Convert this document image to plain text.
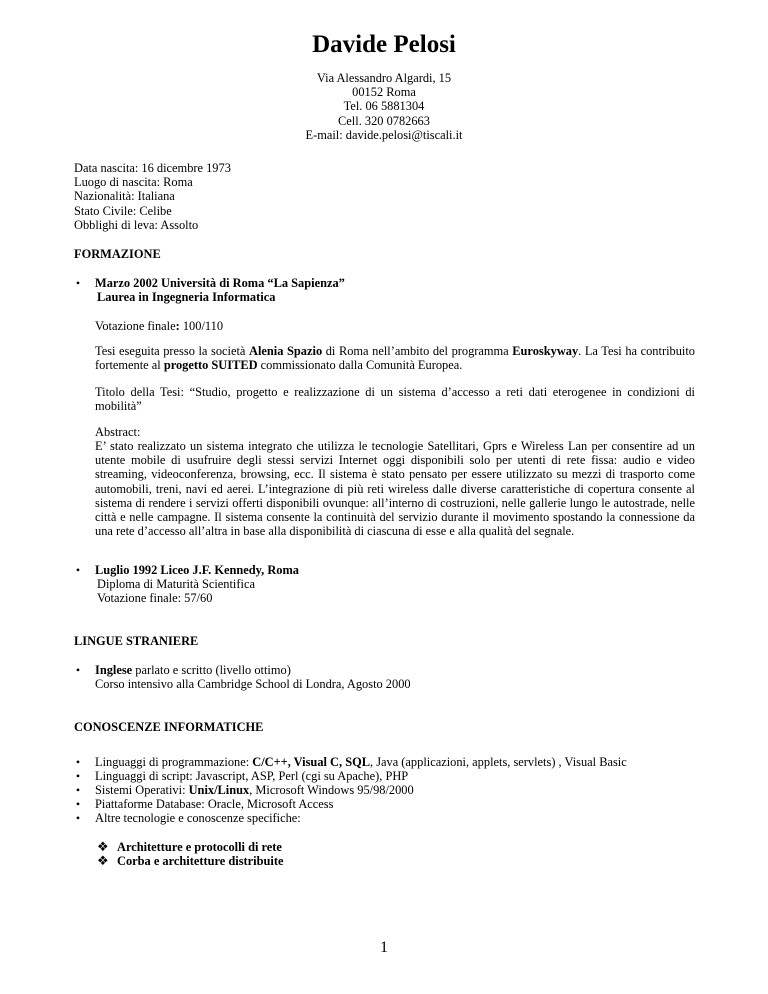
Davide Pelosi
Via Alessandro Algardi, 15
00152 Roma
Tel. 06 5881304
Cell. 320 0782663
E-mail: davide.pelosi@tiscali.it
Data nascita: 16 dicembre 1973
Luogo di nascita: Roma
Nazionalità: Italiana
Stato Civile: Celibe
Obblighi di leva: Assolto
FORMAZIONE
• Marzo 2002 Università di Roma “La Sapienza”
Laurea in Ingegneria Informatica
Votazione finale: 100/110

Tesi eseguita presso la società Alenia Spazio di Roma nell’ambito del programma Euroskyway. La Tesi ha contribuito fortemente al progetto SUITED commissionato dalla Comunità Europea.

Titolo della Tesi: “Studio, progetto e realizzazione di un sistema d’accesso a reti dati eterogenee in condizioni di mobilità”

Abstract:

E’ stato realizzato un sistema integrato che utilizza le tecnologie Satellitari, Gprs e Wireless Lan per consentire ad un utente mobile di usufruire degli stessi servizi Internet oggi disponibili solo per utenti di rete fissa: audio e video streaming, videoconferenza, browsing, ecc. Il sistema è stato pensato per essere utilizzato su mezzi di trasporto come automobili, treni, navi ed aerei. L’integrazione di più reti wireless dalle diverse caratteristiche di copertura consente al sistema di rendere i servizi offerti disponibili ovunque: all’interno di costruzioni, nelle gallerie lungo le autostrade, nelle città e nelle campagne. Il sistema consente la continuità del servizio durante il movimento spostando la connessione da una rete d’accesso all’altra in base alla disponibilità di ciascuna di esse e alla qualità del segnale.

• Luglio 1992 Liceo J.F. Kennedy, Roma
Diploma di Maturità Scientifica
Votazione finale: 57/60
LINGUE STRANIERE
• Inglese parlato e scritto (livello ottimo)
Corso intensivo alla Cambridge School di Londra, Agosto 2000
CONOSCENZE INFORMATICHE
• Linguaggi di programmazione: C/C++, Visual C, SQL, Java (applicazioni, applets, servlets) , Visual Basic
• Linguaggi di script: Javascript, ASP, Perl (cgi su Apache), PHP
• Sistemi Operativi: Unix/Linux, Microsoft Windows 95/98/2000
• Piattaforme Database: Oracle, Microsoft Access
• Altre tecnologie e conoscenze specifiche:
❖ Architetture e protocolli di rete
❖ Corba e architetture distribuite
1
